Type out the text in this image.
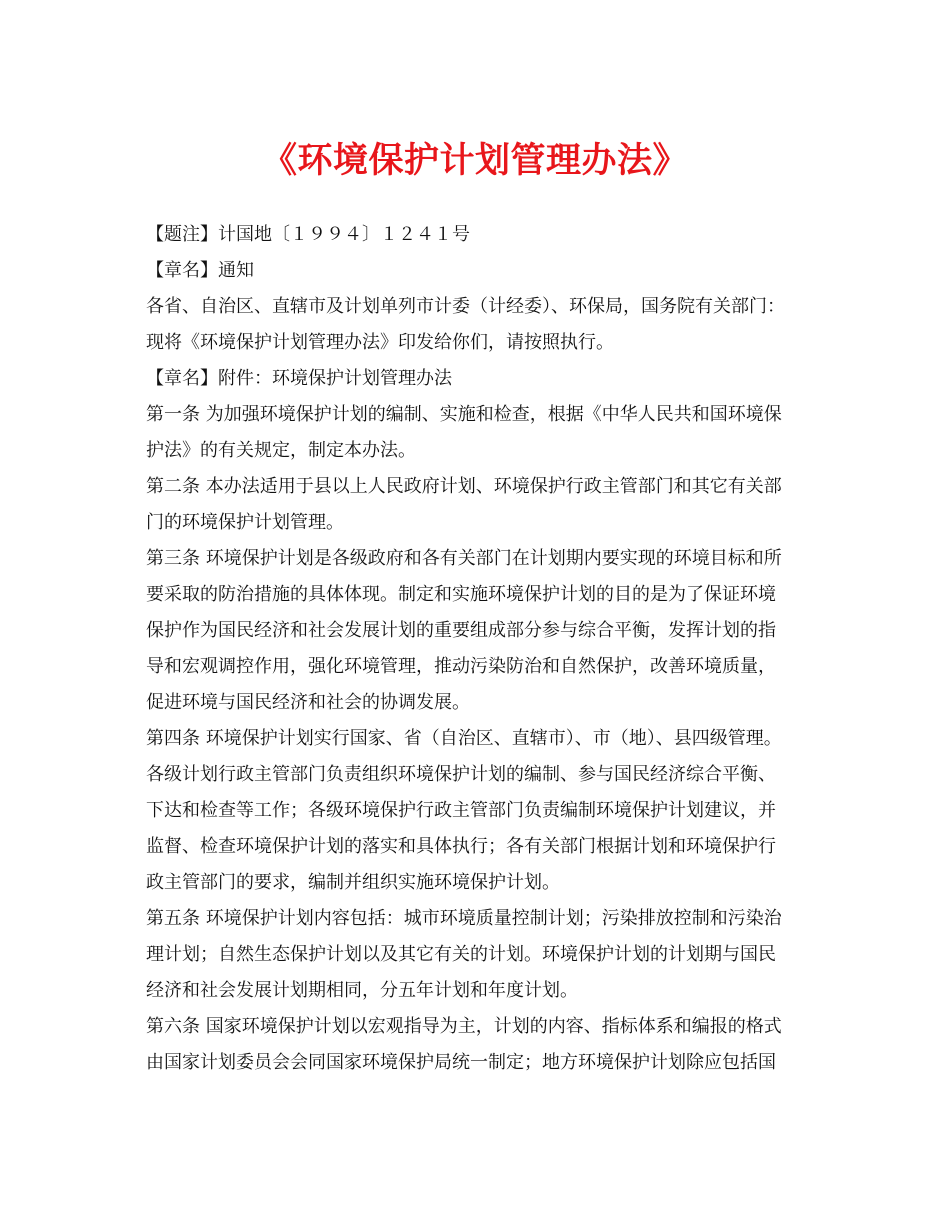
《环境保护计划管理办法》
【题注】计国地〔１９９４〕１２４１号
【章名】通知
各省、自治区、直辖市及计划单列市计委（计经委）、环保局，国务院有关部门：
现将《环境保护计划管理办法》印发给你们，请按照执行。
【章名】附件：环境保护计划管理办法
第一条 为加强环境保护计划的编制、实施和检查，根据《中华人民共和国环境保
护法》的有关规定，制定本办法。
第二条 本办法适用于县以上人民政府计划、环境保护行政主管部门和其它有关部
门的环境保护计划管理。
第三条 环境保护计划是各级政府和各有关部门在计划期内要实现的环境目标和所
要采取的防治措施的具体体现。制定和实施环境保护计划的目的是为了保证环境
保护作为国民经济和社会发展计划的重要组成部分参与综合平衡，发挥计划的指
导和宏观调控作用，强化环境管理，推动污染防治和自然保护，改善环境质量，
促进环境与国民经济和社会的协调发展。
第四条 环境保护计划实行国家、省（自治区、直辖市）、市（地）、县四级管理。
各级计划行政主管部门负责组织环境保护计划的编制、参与国民经济综合平衡、
下达和检查等工作；各级环境保护行政主管部门负责编制环境保护计划建议，并
监督、检查环境保护计划的落实和具体执行；各有关部门根据计划和环境保护行
政主管部门的要求，编制并组织实施环境保护计划。
第五条 环境保护计划内容包括：城市环境质量控制计划；污染排放控制和污染治
理计划；自然生态保护计划以及其它有关的计划。环境保护计划的计划期与国民
经济和社会发展计划期相同，分五年计划和年度计划。
第六条 国家环境保护计划以宏观指导为主，计划的内容、指标体系和编报的格式
由国家计划委员会会同国家环境保护局统一制定；地方环境保护计划除应包括国
